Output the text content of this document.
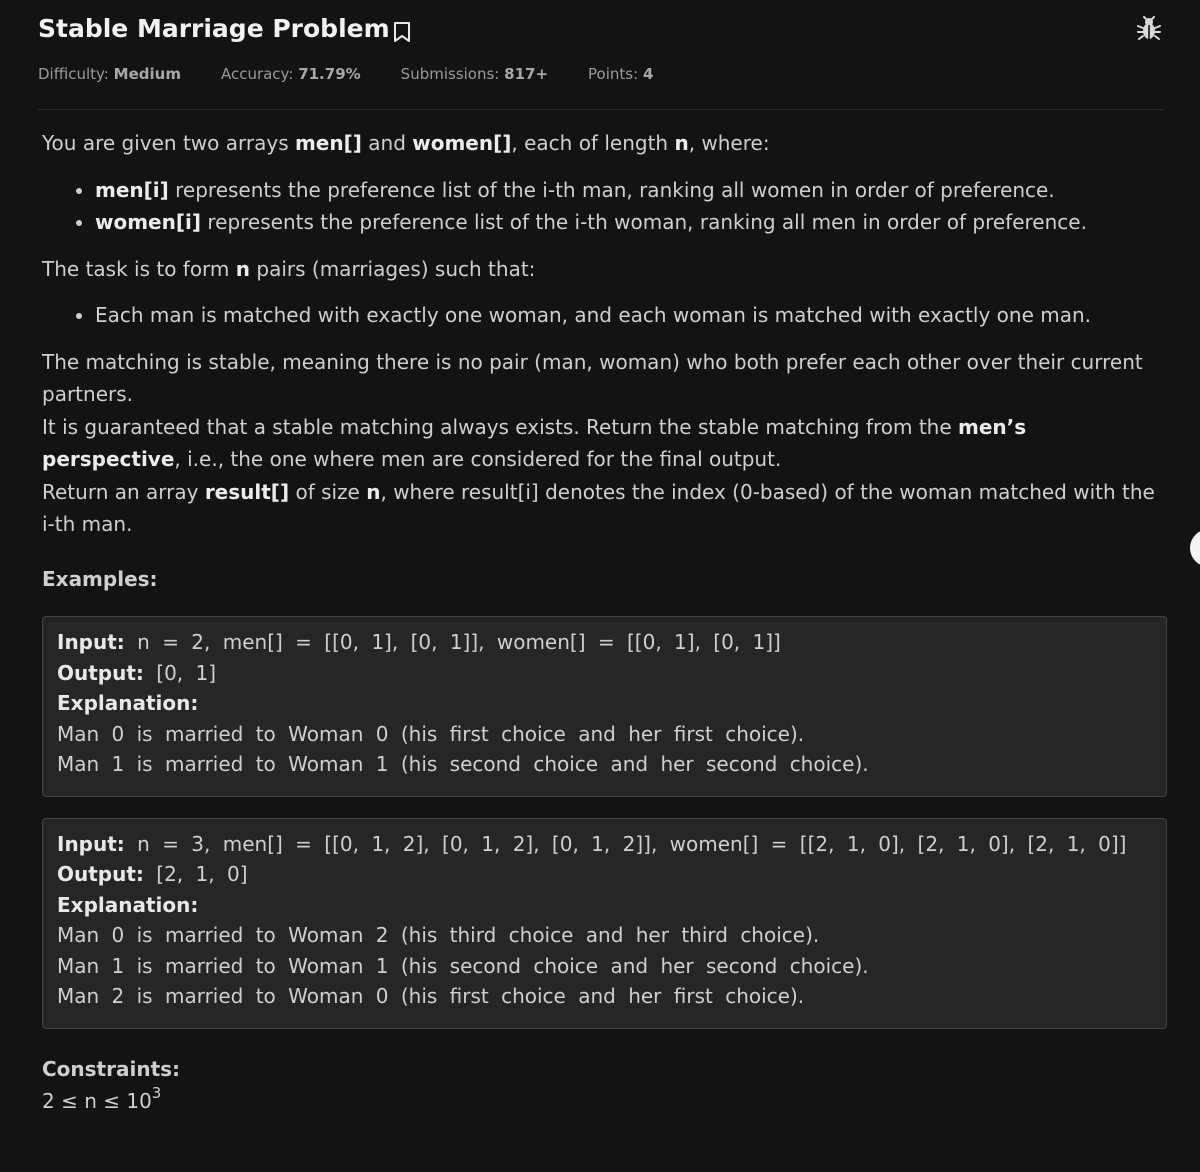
Stable Marriage Problem
Difficulty: Medium	Accuracy: 71.79%	Submissions: 817+	Points: 4

You are given two arrays men[] and women[], each of length n, where:

• men[i] represents the preference list of the i-th man, ranking all women in order of preference.
• women[i] represents the preference list of the i-th woman, ranking all men in order of preference.

The task is to form n pairs (marriages) such that:

• Each man is matched with exactly one woman, and each woman is matched with exactly one man.

The matching is stable, meaning there is no pair (man, woman) who both prefer each other over their current partners.

It is guaranteed that a stable matching always exists. Return the stable matching from the men’s perspective, i.e., the one where men are considered for the final output.

Return an array result[] of size n, where result[i] denotes the index (0-based) of the woman matched with the i-th man.

Examples:

Input: n = 2, men[] = [[0, 1], [0, 1]], women[] = [[0, 1], [0, 1]]
Output: [0, 1]
Explanation:
Man 0 is married to Woman 0 (his first choice and her first choice).
Man 1 is married to Woman 1 (his second choice and her second choice).
Input: n = 3, men[] = [[0, 1, 2], [0, 1, 2], [0, 1, 2]], women[] = [[2, 1, 0], [2, 1, 0], [2, 1, 0]]
Output: [2, 1, 0]
Explanation:
Man 0 is married to Woman 2 (his third choice and her third choice).
Man 1 is married to Woman 1 (his second choice and her second choice).
Man 2 is married to Woman 0 (his first choice and her first choice).

Constraints:

$2 \le n \le 10^3$
